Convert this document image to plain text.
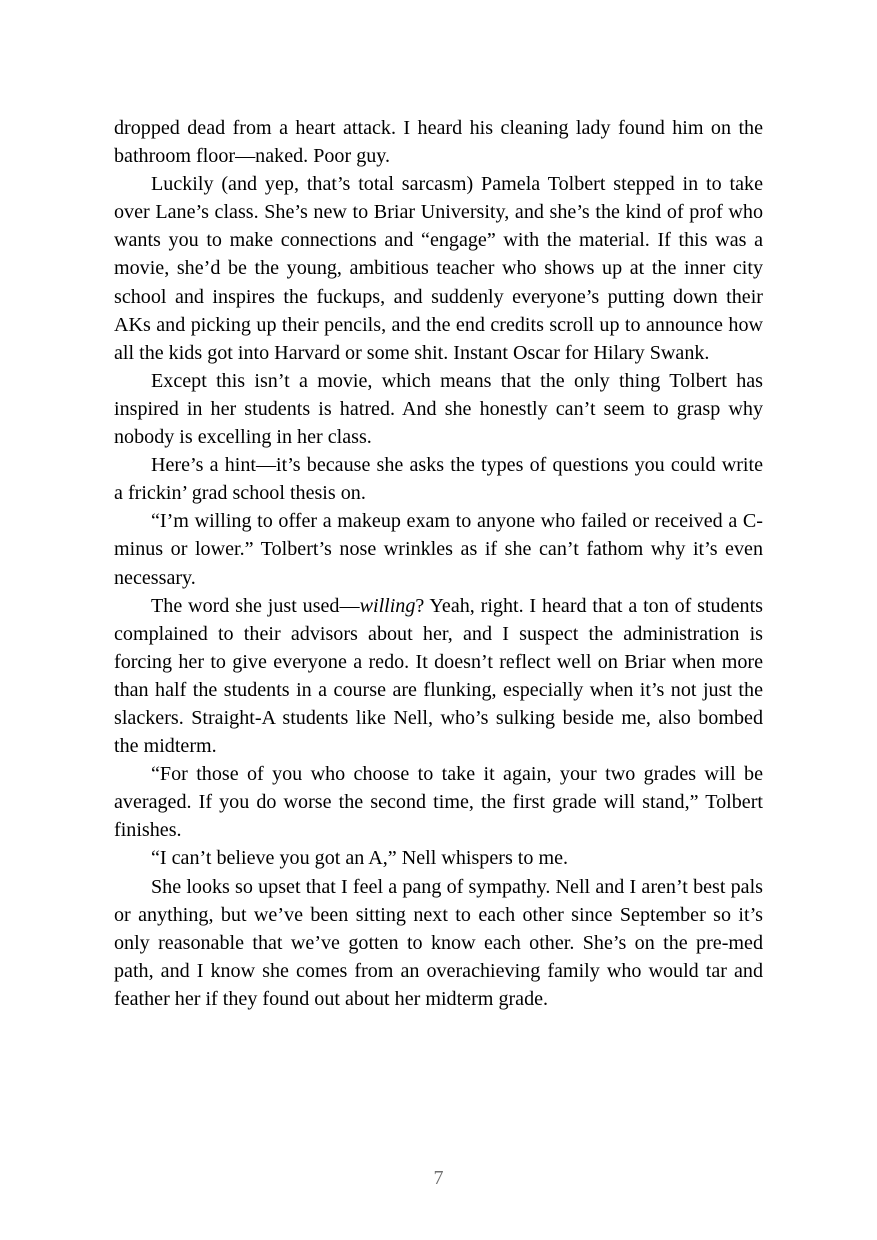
dropped dead from a heart attack. I heard his cleaning lady found him on the bathroom floor—naked. Poor guy.

Luckily (and yep, that’s total sarcasm) Pamela Tolbert stepped in to take over Lane’s class. She’s new to Briar University, and she’s the kind of prof who wants you to make connections and “engage” with the material. If this was a movie, she’d be the young, ambitious teacher who shows up at the inner city school and inspires the fuckups, and suddenly everyone’s putting down their AKs and picking up their pencils, and the end credits scroll up to announce how all the kids got into Harvard or some shit. Instant Oscar for Hilary Swank.

Except this isn’t a movie, which means that the only thing Tolbert has inspired in her students is hatred. And she honestly can’t seem to grasp why nobody is excelling in her class.

Here’s a hint—it’s because she asks the types of questions you could write a frickin’ grad school thesis on.

“I’m willing to offer a makeup exam to anyone who failed or received a C-minus or lower.” Tolbert’s nose wrinkles as if she can’t fathom why it’s even necessary.

The word she just used—willing? Yeah, right. I heard that a ton of students complained to their advisors about her, and I suspect the administration is forcing her to give everyone a redo. It doesn’t reflect well on Briar when more than half the students in a course are flunking, especially when it’s not just the slackers. Straight-A students like Nell, who’s sulking beside me, also bombed the midterm.

“For those of you who choose to take it again, your two grades will be averaged. If you do worse the second time, the first grade will stand,” Tolbert finishes.

“I can’t believe you got an A,” Nell whispers to me.

She looks so upset that I feel a pang of sympathy. Nell and I aren’t best pals or anything, but we’ve been sitting next to each other since September so it’s only reasonable that we’ve gotten to know each other. She’s on the pre-med path, and I know she comes from an overachieving family who would tar and feather her if they found out about her midterm grade.

7
